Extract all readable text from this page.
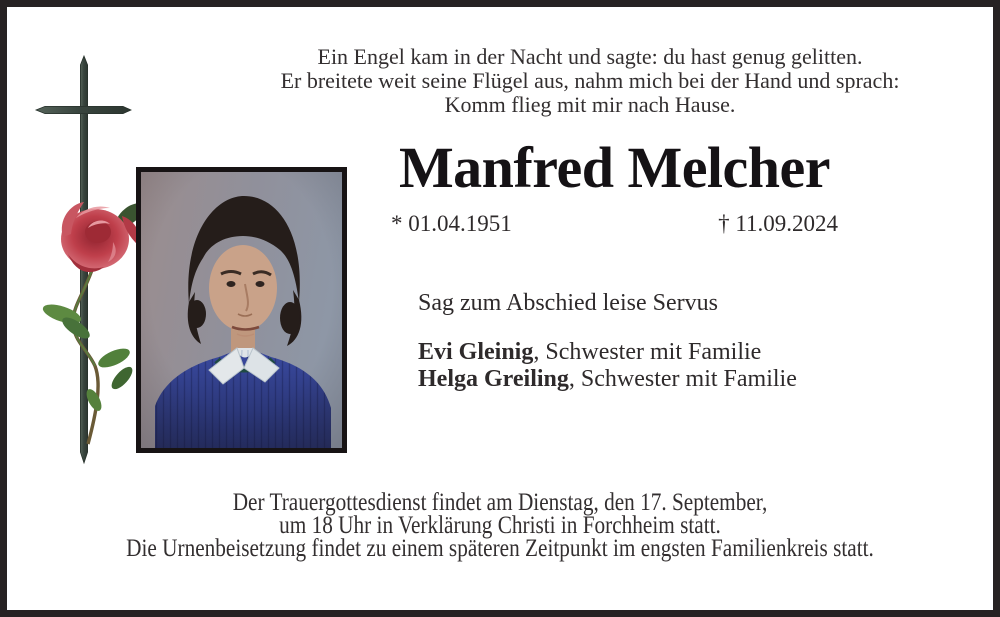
Ein Engel kam in der Nacht und sagte: du hast genug gelitten.
Er breitete weit seine Flügel aus, nahm mich bei der Hand und sprach:
Komm flieg mit mir nach Hause.
Manfred Melcher
* 01.04.1951	† 11.09.2024
Sag zum Abschied leise Servus
Evi Gleinig, Schwester mit Familie
Helga Greiling, Schwester mit Familie
Der Trauergottesdienst findet am Dienstag, den 17. September,
um 18 Uhr in Verklärung Christi in Forchheim statt.
Die Urnenbeisetzung findet zu einem späteren Zeitpunkt im engsten Familienkreis statt.
